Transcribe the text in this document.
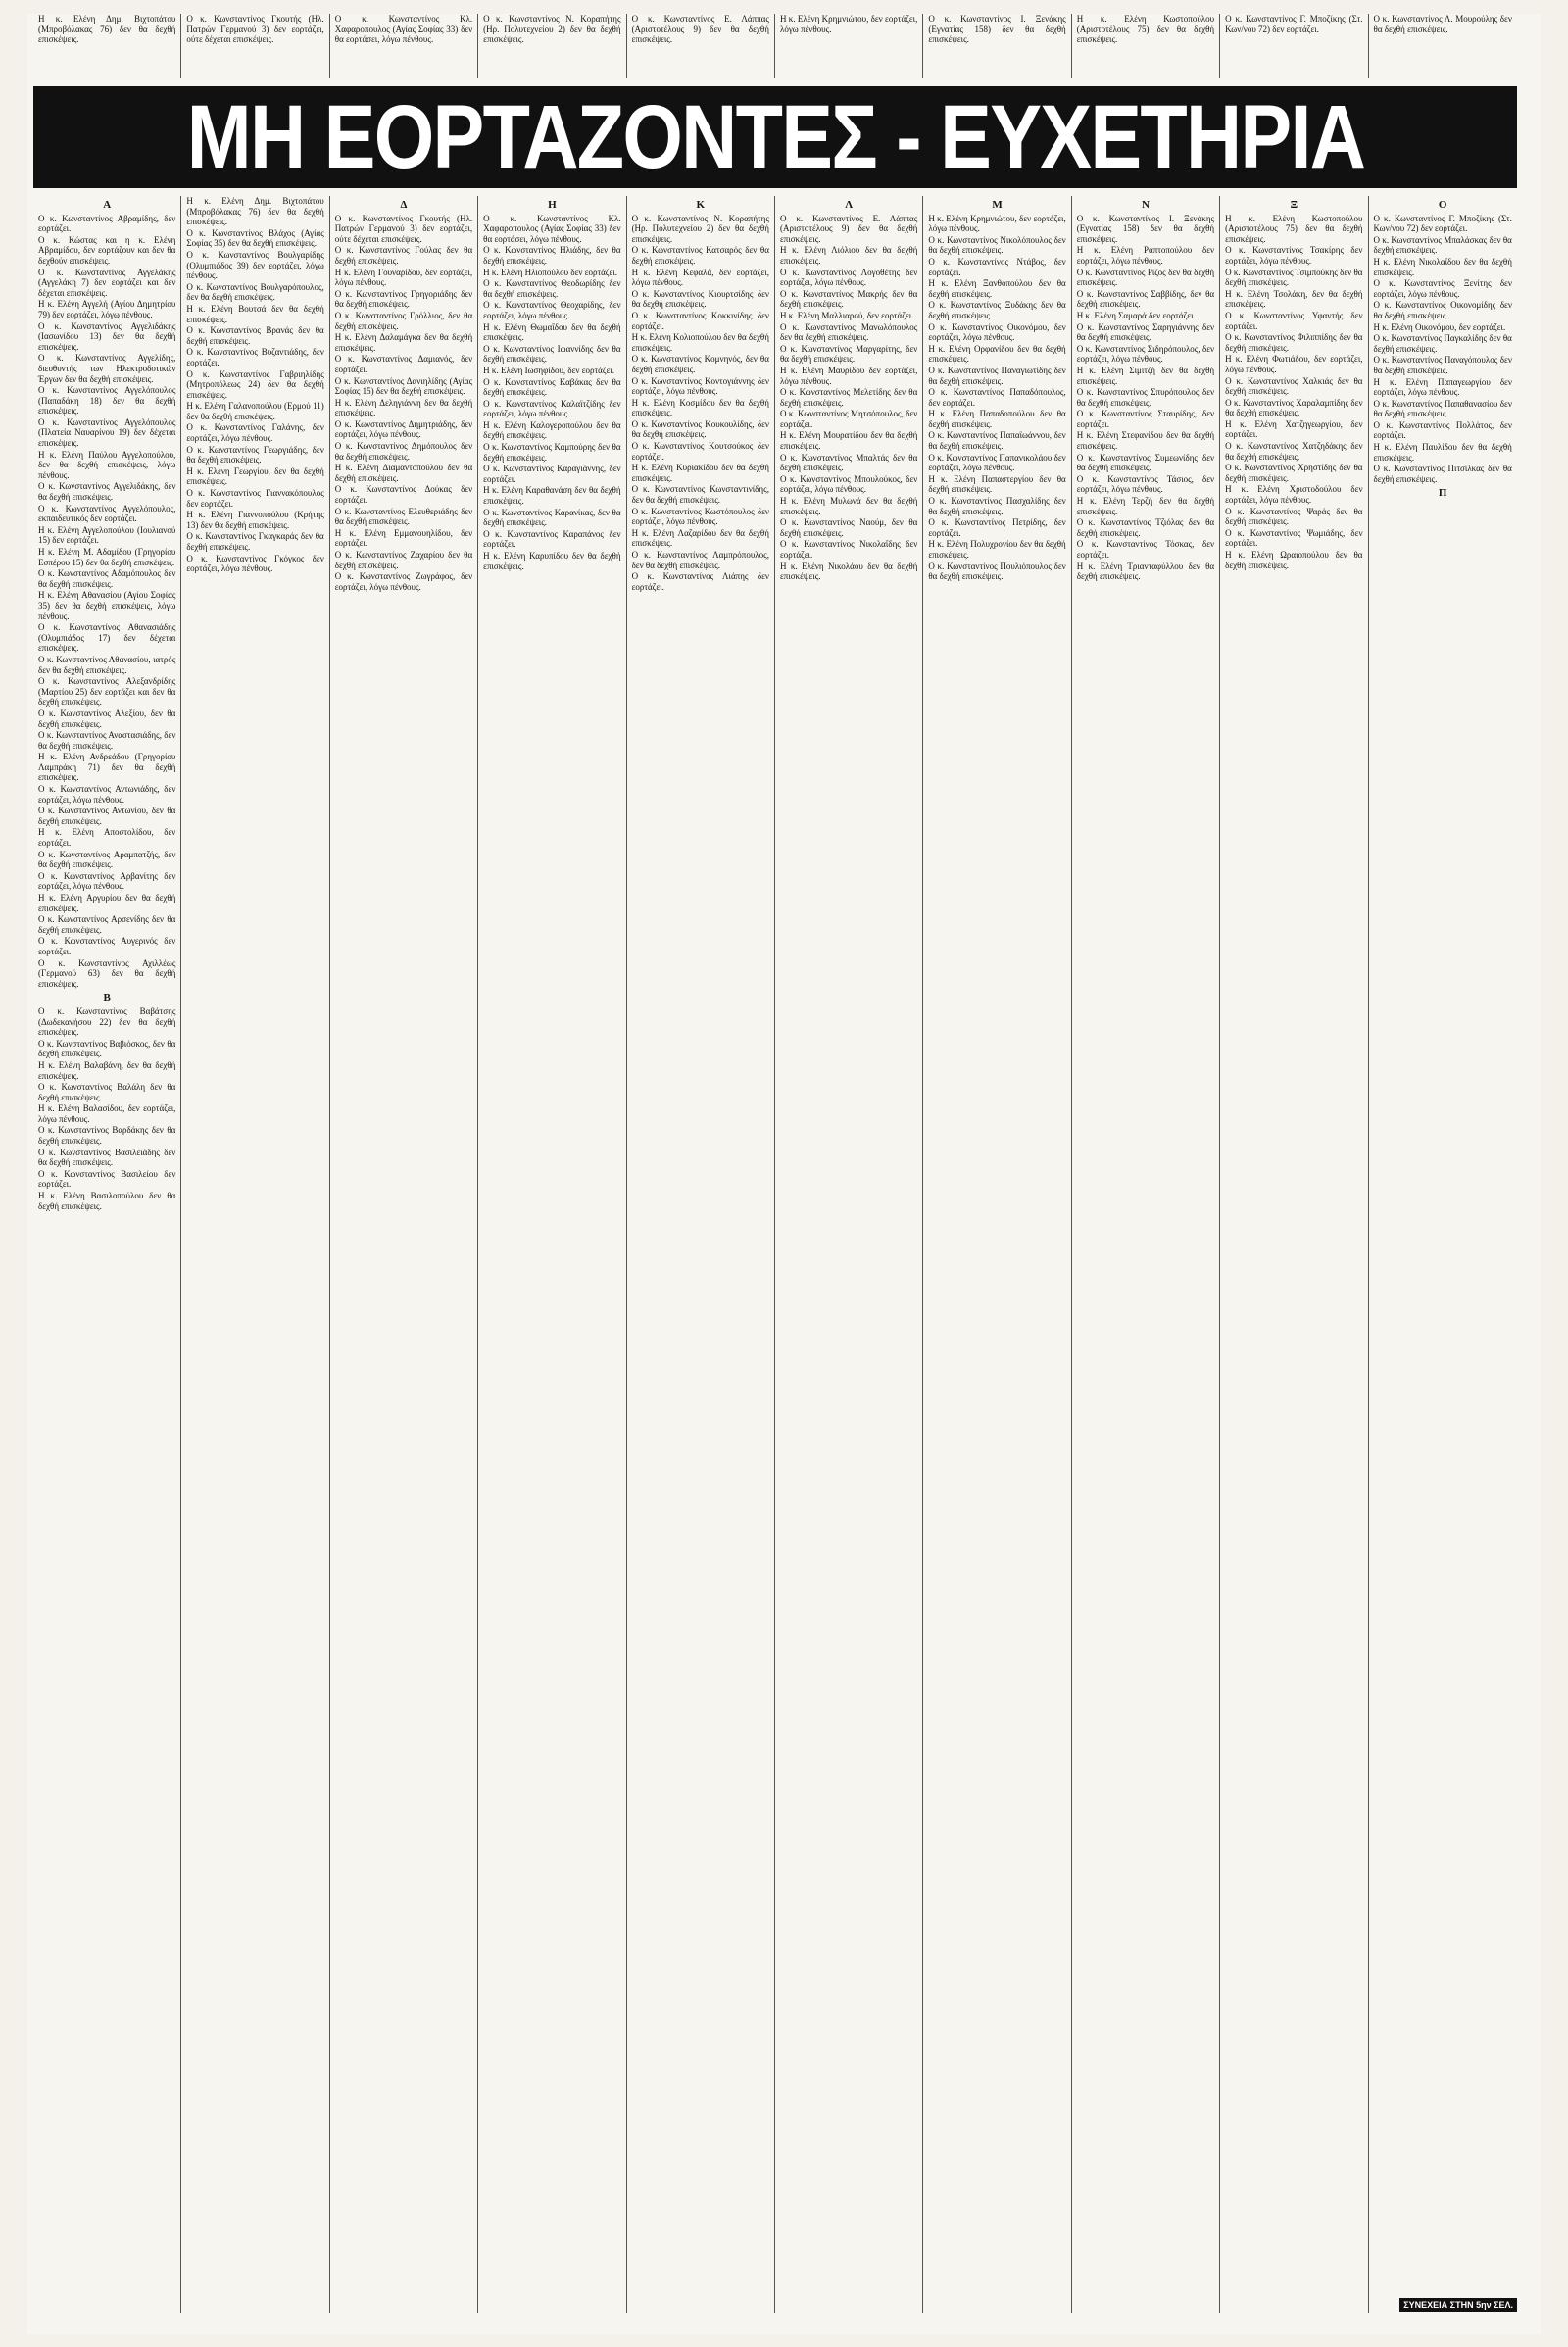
Η κ. Ελένη Δημ. Βιχτοπάτου (Μπροβόλακας 76) δεν θα δεχθή επισκέψεις.
Ο κ. Κωνσταντίνος Γκουτής (Ηλ. Πατρών Γερμανού 3) δεν εορτάζει, ούτε δέχεται επισκέψεις.
Ο κ. Κωνσταντίνος Κλ. Χαφαροπουλος (Αγίας Σοφίας 33) δεν θα εορτάσει, λόγω πένθους.
Ο κ. Κωνσταντίνος Ν. Κοραπήτης (Ηρ. Πολυτεχνείου 2) δεν θα δεχθή επισκέψεις.
Ο κ. Κωνσταντίνος Ε. Λάππας (Αριστοτέλους 9) δεν θα δεχθή επισκέψεις.
Η κ. Ελένη Κρημνιώτου, δεν εορτάζει, λόγω πένθους.
Ο κ. Κωνσταντίνος Ι. Ξενάκης (Εγνατίας 158) δεν θα δεχθή επισκέψεις.
Η κ. Ελένη Κωστοπούλου (Αριστοτέλους 75) δεν θα δεχθή επισκέψεις.
Ο κ. Κωνσταντίνος Γ. Μποζίκης (Στ. Κων/νου 72) δεν εορτάζει.
Ο κ. Κωνσταντίνος Λ. Μουρούλης δεν θα δεχθή επισκέψεις.
ΜΗ ΕΟΡΤΑΖΟΝΤΕΣ - ΕΥΧΕΤΗΡΙΑ
Α
Ο κ. Κωνσταντίνος Αβραμίδης, δεν εορτάζει.
Ο κ. Κώστας και η κ. Ελένη Αβραμίδου, δεν εορτάζουν και δεν θα δεχθούν επισκέψεις.
Ο κ. Κωνσταντίνος Αγγελάκης (Αγγελάκη 7) δεν εορτάζει και δεν δέχεται επισκέψεις.
Η κ. Ελένη Αγγελή (Αγίου Δημητρίου 79) δεν εορτάζει, λόγω πένθους.
Ο κ. Κωνσταντίνος Αγγελιδάκης (Ιασωνίδου 13) δεν θα δεχθή επισκέψεις.
Ο κ. Κωνσταντίνος Αγγελίδης, διευθυντής των Ηλεκτροδοτικών Έργων δεν θα δεχθή επισκέψεις.
Ο κ. Κωνσταντίνος Αγγελόπουλος (Παπαδάκη 18) δεν θα δεχθή επισκέψεις.
Ο κ. Κωνσταντίνος Αγγελόπουλος (Πλατεία Ναυαρίνου 19) δεν δέχεται επισκέψεις.
Η κ. Ελένη Παύλου Αγγελοπούλου, δεν θα δεχθή επισκέψεις, λόγω πένθους.
Ο κ. Κωνσταντίνος Αγγελιδάκης, δεν θα δεχθή επισκέψεις.
Ο κ. Κωνσταντίνος Αγγελόπουλος, εκπαιδευτικός δεν εορτάζει.
Η κ. Ελένη Αγγελοπούλου (Ιουλιανού 15) δεν εορτάζει.
Η κ. Ελένη Μ. Αδαμίδου (Γρηγορίου Εσπέρου 15) δεν θα δεχθή επισκέψεις.
Ο κ. Κωνσταντίνος Αδαμόπουλος δεν θα δεχθή επισκέψεις.
Η κ. Ελένη Αθανασίου (Αγίου Σοφίας 35) δεν θα δεχθή επισκέψεις, λόγω πένθους.
Ο κ. Κωνσταντίνος Αθανασιάδης (Ολυμπιάδος 17) δεν δέχεται επισκέψεις.
Ο κ. Κωνσταντίνος Αθανασίου, ιατρός δεν θα δεχθή επισκέψεις.
Ο κ. Κωνσταντίνος Αλεξανδρίδης (Μαρτίου 25) δεν εορτάζει και δεν θα δεχθή επισκέψεις.
Ο κ. Κωνσταντίνος Αλεξίου, δεν θα δεχθή επισκέψεις.
Ο κ. Κωνσταντίνος Αναστασιάδης, δεν θα δεχθή επισκέψεις.
Η κ. Ελένη Ανδρεάδου (Γρηγορίου Λαμπράκη 71) δεν θα δεχθή επισκέψεις.
Ο κ. Κωνσταντίνος Αντωνιάδης, δεν εορτάζει, λόγω πένθους.
Ο κ. Κωνσταντίνος Αντωνίου, δεν θα δεχθή επισκέψεις.
Η κ. Ελένη Αποστολίδου, δεν εορτάζει.
Ο κ. Κωνσταντίνος Αραμπατζής, δεν θα δεχθή επισκέψεις.
Ο κ. Κωνσταντίνος Αρβανίτης δεν εορτάζει, λόγω πένθους.
Η κ. Ελένη Αργυρίου δεν θα δεχθή επισκέψεις.
Ο κ. Κωνσταντίνος Αρσενίδης δεν θα δεχθή επισκέψεις.
Ο κ. Κωνσταντίνος Αυγερινός δεν εορτάζει.
Ο κ. Κωνσταντίνος Αχιλλέως (Γερμανού 63) δεν θα δεχθή επισκέψεις.
Β
Ο κ. Κωνσταντίνος Βαβάτσης (Δωδεκανήσου 22) δεν θα δεχθή επισκέψεις.
Ο κ. Κωνσταντίνος Βαβιόσκος, δεν θα δεχθή επισκέψεις.
Η κ. Ελένη Βαλαβάνη, δεν θα δεχθή επισκέψεις.
Ο κ. Κωνσταντίνος Βαλάλη δεν θα δεχθή επισκέψεις.
Η κ. Ελένη Βαλασίδου, δεν εορτάζει, λόγω πένθους.
Ο κ. Κωνσταντίνος Βαρδάκης δεν θα δεχθή επισκέψεις.
Ο κ. Κωνσταντίνος Βασιλειάδης δεν θα δεχθή επισκέψεις.
Ο κ. Κωνσταντίνος Βασιλείου δεν εορτάζει.
Η κ. Ελένη Βασιλοπούλου δεν θα δεχθή επισκέψεις.
Η κ. Ελένη Δημ. Βιχτοπάτου (Μπροβόλακας 76) δεν θα δεχθή επισκέψεις.
Ο κ. Κωνσταντίνος Βλάχος (Αγίας Σοφίας 35) δεν θα δεχθή επισκέψεις.
Ο κ. Κωνσταντίνος Βουλγαρίδης (Ολυμπιάδος 39) δεν εορτάζει, λόγω πένθους.
Ο κ. Κωνσταντίνος Βουλγαρόπουλος, δεν θα δεχθή επισκέψεις.
Η κ. Ελένη Βουτσά δεν θα δεχθή επισκέψεις.
Ο κ. Κωνσταντίνος Βρανάς δεν θα δεχθή επισκέψεις.
Ο κ. Κωνσταντίνος Βυζαντιάδης, δεν εορτάζει.
Ο κ. Κωνσταντίνος Γαβριηλίδης (Μητροπόλεως 24) δεν θα δεχθή επισκέψεις.
Η κ. Ελένη Γαλανοπούλου (Ερμού 11) δεν θα δεχθή επισκέψεις.
Ο κ. Κωνσταντίνος Γαλάνης, δεν εορτάζει, λόγω πένθους.
Ο κ. Κωνσταντίνος Γεωργιάδης, δεν θα δεχθή επισκέψεις.
Η κ. Ελένη Γεωργίου, δεν θα δεχθή επισκέψεις.
Ο κ. Κωνσταντίνος Γιαννακόπουλος δεν εορτάζει.
Η κ. Ελένη Γιαννοπούλου (Κρήτης 13) δεν θα δεχθή επισκέψεις.
Ο κ. Κωνσταντίνος Γκαγκαράς δεν θα δεχθή επισκέψεις.
Ο κ. Κωνσταντίνος Γκόγκος δεν εορτάζει, λόγω πένθους.
Δ
Ο κ. Κωνσταντίνος Γκουτής (Ηλ. Πατρών Γερμανού 3) δεν εορτάζει, ούτε δέχεται επισκέψεις.
Ο κ. Κωνσταντίνος Γούλας δεν θα δεχθή επισκέψεις.
Η κ. Ελένη Γουναρίδου, δεν εορτάζει, λόγω πένθους.
Ο κ. Κωνσταντίνος Γρηγοριάδης δεν θα δεχθή επισκέψεις.
Ο κ. Κωνσταντίνος Γρόλλιος, δεν θα δεχθή επισκέψεις.
Η κ. Ελένη Δαλαμάγκα δεν θα δεχθή επισκέψεις.
Ο κ. Κωνσταντίνος Δαμιανός, δεν εορτάζει.
Ο κ. Κωνσταντίνος Δανιηλίδης (Αγίας Σοφίας 15) δεν θα δεχθή επισκέψεις.
Η κ. Ελένη Δεληγιάννη δεν θα δεχθή επισκέψεις.
Ο κ. Κωνσταντίνος Δημητριάδης, δεν εορτάζει, λόγω πένθους.
Ο κ. Κωνσταντίνος Δημόπουλος δεν θα δεχθή επισκέψεις.
Η κ. Ελένη Διαμαντοπούλου δεν θα δεχθή επισκέψεις.
Ο κ. Κωνσταντίνος Δούκας δεν εορτάζει.
Ο κ. Κωνσταντίνος Ελευθεριάδης δεν θα δεχθή επισκέψεις.
Η κ. Ελένη Εμμανουηλίδου, δεν εορτάζει.
Ο κ. Κωνσταντίνος Ζαχαρίου δεν θα δεχθή επισκέψεις.
Ο κ. Κωνσταντίνος Ζωγράφος, δεν εορτάζει, λόγω πένθους.
Η
Ο κ. Κωνσταντίνος Κλ. Χαφαροπουλος (Αγίας Σοφίας 33) δεν θα εορτάσει, λόγω πένθους.
Ο κ. Κωνσταντίνος Ηλιάδης, δεν θα δεχθή επισκέψεις.
Η κ. Ελένη Ηλιοπούλου δεν εορτάζει.
Ο κ. Κωνσταντίνος Θεοδωρίδης δεν θα δεχθή επισκέψεις.
Ο κ. Κωνσταντίνος Θεοχαρίδης, δεν εορτάζει, λόγω πένθους.
Η κ. Ελένη Θωμαΐδου δεν θα δεχθή επισκέψεις.
Ο κ. Κωνσταντίνος Ιωαννίδης δεν θα δεχθή επισκέψεις.
Η κ. Ελένη Ιωσηφίδου, δεν εορτάζει.
Ο κ. Κωνσταντίνος Καβάκας δεν θα δεχθή επισκέψεις.
Ο κ. Κωνσταντίνος Καλαϊτζίδης δεν εορτάζει, λόγω πένθους.
Η κ. Ελένη Καλογεροπούλου δεν θα δεχθή επισκέψεις.
Ο κ. Κωνσταντίνος Καμπούρης δεν θα δεχθή επισκέψεις.
Ο κ. Κωνσταντίνος Καραγιάννης, δεν εορτάζει.
Η κ. Ελένη Καραθανάση δεν θα δεχθή επισκέψεις.
Ο κ. Κωνσταντίνος Καρανίκας, δεν θα δεχθή επισκέψεις.
Ο κ. Κωνσταντίνος Καραπάνος δεν εορτάζει.
Η κ. Ελένη Καρυπίδου δεν θα δεχθή επισκέψεις.
Κ
Ο κ. Κωνσταντίνος Ν. Κοραπήτης (Ηρ. Πολυτεχνείου 2) δεν θα δεχθή επισκέψεις.
Ο κ. Κωνσταντίνος Κατσαρός δεν θα δεχθή επισκέψεις.
Η κ. Ελένη Κεφαλά, δεν εορτάζει, λόγω πένθους.
Ο κ. Κωνσταντίνος Κιουρτσίδης δεν θα δεχθή επισκέψεις.
Ο κ. Κωνσταντίνος Κοκκινίδης δεν εορτάζει.
Η κ. Ελένη Κολιοπούλου δεν θα δεχθή επισκέψεις.
Ο κ. Κωνσταντίνος Κομνηνός, δεν θα δεχθή επισκέψεις.
Ο κ. Κωνσταντίνος Κοντογιάννης δεν εορτάζει, λόγω πένθους.
Η κ. Ελένη Κοσμίδου δεν θα δεχθή επισκέψεις.
Ο κ. Κωνσταντίνος Κουκουλίδης, δεν θα δεχθή επισκέψεις.
Ο κ. Κωνσταντίνος Κουτσούκος δεν εορτάζει.
Η κ. Ελένη Κυριακίδου δεν θα δεχθή επισκέψεις.
Ο κ. Κωνσταντίνος Κωνσταντινίδης, δεν θα δεχθή επισκέψεις.
Ο κ. Κωνσταντίνος Κωστόπουλος δεν εορτάζει, λόγω πένθους.
Η κ. Ελένη Λαζαρίδου δεν θα δεχθή επισκέψεις.
Ο κ. Κωνσταντίνος Λαμπρόπουλος, δεν θα δεχθή επισκέψεις.
Ο κ. Κωνσταντίνος Λιάπης δεν εορτάζει.
Λ
Ο κ. Κωνσταντίνος Ε. Λάππας (Αριστοτέλους 9) δεν θα δεχθή επισκέψεις.
Η κ. Ελένη Λιόλιου δεν θα δεχθή επισκέψεις.
Ο κ. Κωνσταντίνος Λογοθέτης δεν εορτάζει, λόγω πένθους.
Ο κ. Κωνσταντίνος Μακρής δεν θα δεχθή επισκέψεις.
Η κ. Ελένη Μαλλιαρού, δεν εορτάζει.
Ο κ. Κωνσταντίνος Μανωλόπουλος δεν θα δεχθή επισκέψεις.
Ο κ. Κωνσταντίνος Μαργαρίτης, δεν θα δεχθή επισκέψεις.
Η κ. Ελένη Μαυρίδου δεν εορτάζει, λόγω πένθους.
Ο κ. Κωνσταντίνος Μελετίδης δεν θα δεχθή επισκέψεις.
Ο κ. Κωνσταντίνος Μητσόπουλος, δεν εορτάζει.
Η κ. Ελένη Μουρατίδου δεν θα δεχθή επισκέψεις.
Ο κ. Κωνσταντίνος Μπαλτάς δεν θα δεχθή επισκέψεις.
Ο κ. Κωνσταντίνος Μπουλούκος, δεν εορτάζει, λόγω πένθους.
Η κ. Ελένη Μυλωνά δεν θα δεχθή επισκέψεις.
Ο κ. Κωνσταντίνος Ναούμ, δεν θα δεχθή επισκέψεις.
Ο κ. Κωνσταντίνος Νικολαΐδης δεν εορτάζει.
Η κ. Ελένη Νικολάου δεν θα δεχθή επισκέψεις.
Μ
Η κ. Ελένη Κρημνιώτου, δεν εορτάζει, λόγω πένθους.
Ο κ. Κωνσταντίνος Νικολόπουλος δεν θα δεχθή επισκέψεις.
Ο κ. Κωνσταντίνος Ντάβος, δεν εορτάζει.
Η κ. Ελένη Ξανθοπούλου δεν θα δεχθή επισκέψεις.
Ο κ. Κωνσταντίνος Ξυδάκης δεν θα δεχθή επισκέψεις.
Ο κ. Κωνσταντίνος Οικονόμου, δεν εορτάζει, λόγω πένθους.
Η κ. Ελένη Ορφανίδου δεν θα δεχθή επισκέψεις.
Ο κ. Κωνσταντίνος Παναγιωτίδης δεν θα δεχθή επισκέψεις.
Ο κ. Κωνσταντίνος Παπαδόπουλος, δεν εορτάζει.
Η κ. Ελένη Παπαδοπούλου δεν θα δεχθή επισκέψεις.
Ο κ. Κωνσταντίνος Παπαϊωάννου, δεν θα δεχθή επισκέψεις.
Ο κ. Κωνσταντίνος Παπανικολάου δεν εορτάζει, λόγω πένθους.
Η κ. Ελένη Παπαστεργίου δεν θα δεχθή επισκέψεις.
Ο κ. Κωνσταντίνος Πασχαλίδης δεν θα δεχθή επισκέψεις.
Ο κ. Κωνσταντίνος Πετρίδης, δεν εορτάζει.
Η κ. Ελένη Πολυχρονίου δεν θα δεχθή επισκέψεις.
Ο κ. Κωνσταντίνος Πουλιόπουλος δεν θα δεχθή επισκέψεις.
Ν
Ο κ. Κωνσταντίνος Ι. Ξενάκης (Εγνατίας 158) δεν θα δεχθή επισκέψεις.
Η κ. Ελένη Ραπτοπούλου δεν εορτάζει, λόγω πένθους.
Ο κ. Κωνσταντίνος Ρίζος δεν θα δεχθή επισκέψεις.
Ο κ. Κωνσταντίνος Σαββίδης, δεν θα δεχθή επισκέψεις.
Η κ. Ελένη Σαμαρά δεν εορτάζει.
Ο κ. Κωνσταντίνος Σαρηγιάννης δεν θα δεχθή επισκέψεις.
Ο κ. Κωνσταντίνος Σιδηρόπουλος, δεν εορτάζει, λόγω πένθους.
Η κ. Ελένη Σιμιτζή δεν θα δεχθή επισκέψεις.
Ο κ. Κωνσταντίνος Σπυρόπουλος δεν θα δεχθή επισκέψεις.
Ο κ. Κωνσταντίνος Σταυρίδης, δεν εορτάζει.
Η κ. Ελένη Στεφανίδου δεν θα δεχθή επισκέψεις.
Ο κ. Κωνσταντίνος Συμεωνίδης δεν θα δεχθή επισκέψεις.
Ο κ. Κωνσταντίνος Τάσιος, δεν εορτάζει, λόγω πένθους.
Η κ. Ελένη Τερζή δεν θα δεχθή επισκέψεις.
Ο κ. Κωνσταντίνος Τζιόλας δεν θα δεχθή επισκέψεις.
Ο κ. Κωνσταντίνος Τόσκας, δεν εορτάζει.
Η κ. Ελένη Τριανταφύλλου δεν θα δεχθή επισκέψεις.
Ξ
Η κ. Ελένη Κωστοπούλου (Αριστοτέλους 75) δεν θα δεχθή επισκέψεις.
Ο κ. Κωνσταντίνος Τσακίρης δεν εορτάζει, λόγω πένθους.
Ο κ. Κωνσταντίνος Τσιμπούκης δεν θα δεχθή επισκέψεις.
Η κ. Ελένη Τσολάκη, δεν θα δεχθή επισκέψεις.
Ο κ. Κωνσταντίνος Υφαντής δεν εορτάζει.
Ο κ. Κωνσταντίνος Φιλιππίδης δεν θα δεχθή επισκέψεις.
Η κ. Ελένη Φωτιάδου, δεν εορτάζει, λόγω πένθους.
Ο κ. Κωνσταντίνος Χαλκιάς δεν θα δεχθή επισκέψεις.
Ο κ. Κωνσταντίνος Χαραλαμπίδης δεν θα δεχθή επισκέψεις.
Η κ. Ελένη Χατζηγεωργίου, δεν εορτάζει.
Ο κ. Κωνσταντίνος Χατζηδάκης δεν θα δεχθή επισκέψεις.
Ο κ. Κωνσταντίνος Χρηστίδης δεν θα δεχθή επισκέψεις.
Η κ. Ελένη Χριστοδούλου δεν εορτάζει, λόγω πένθους.
Ο κ. Κωνσταντίνος Ψαράς δεν θα δεχθή επισκέψεις.
Ο κ. Κωνσταντίνος Ψωμιάδης, δεν εορτάζει.
Η κ. Ελένη Ωραιοπούλου δεν θα δεχθή επισκέψεις.
Ο
Ο κ. Κωνσταντίνος Γ. Μποζίκης (Στ. Κων/νου 72) δεν εορτάζει.
Ο κ. Κωνσταντίνος Μπαλάσκας δεν θα δεχθή επισκέψεις.
Η κ. Ελένη Νικολαΐδου δεν θα δεχθή επισκέψεις.
Ο κ. Κωνσταντίνος Ξενίτης δεν εορτάζει, λόγω πένθους.
Ο κ. Κωνσταντίνος Οικονομίδης δεν θα δεχθή επισκέψεις.
Η κ. Ελένη Οικονόμου, δεν εορτάζει.
Ο κ. Κωνσταντίνος Παγκαλίδης δεν θα δεχθή επισκέψεις.
Ο κ. Κωνσταντίνος Παναγόπουλος δεν θα δεχθή επισκέψεις.
Η κ. Ελένη Παπαγεωργίου δεν εορτάζει, λόγω πένθους.
Ο κ. Κωνσταντίνος Παπαθανασίου δεν θα δεχθή επισκέψεις.
Ο κ. Κωνσταντίνος Πολλάτος, δεν εορτάζει.
Η κ. Ελένη Παυλίδου δεν θα δεχθή επισκέψεις.
Ο κ. Κωνσταντίνος Πιτσίλκας δεν θα δεχθή επισκέψεις.
Π
ΣΥΝΕΧΕΙΑ ΣΤΗΝ 5ην ΣΕΛ.
